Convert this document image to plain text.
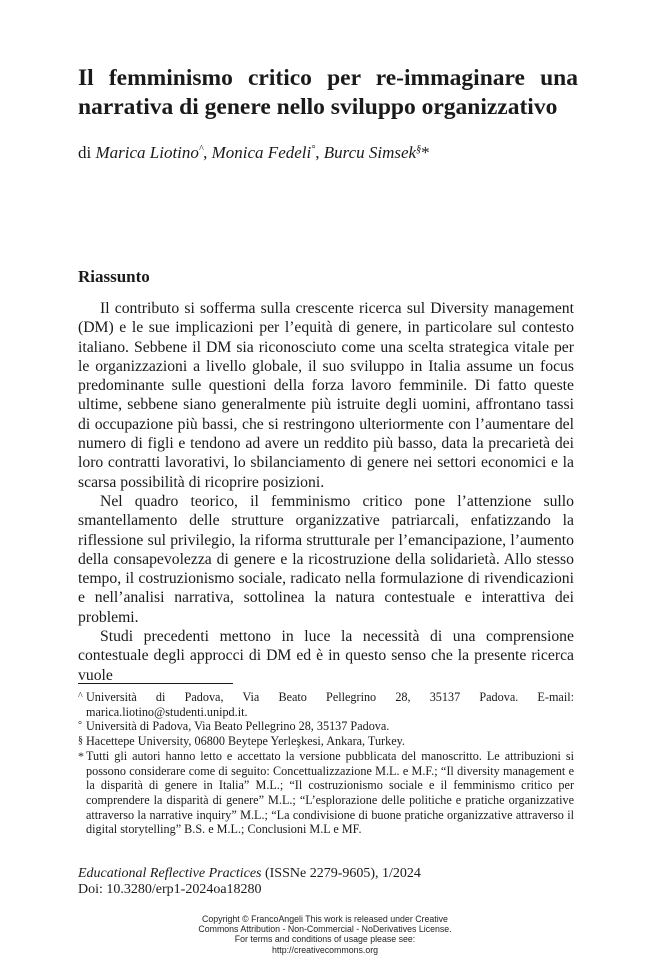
Il femminismo critico per re-immaginare una narrativa di genere nello sviluppo organizzativo
di Marica Liotino^, Monica Fedeli°, Burcu Simsek§*
Riassunto

Il contributo si sofferma sulla crescente ricerca sul Diversity management (DM) e le sue implicazioni per l’equità di genere, in particolare sul contesto italiano. Sebbene il DM sia riconosciuto come una scelta strategica vitale per le organizzazioni a livello globale, il suo sviluppo in Italia assume un focus predominante sulle questioni della forza lavoro femminile. Di fatto queste ultime, sebbene siano generalmente più istruite degli uomini, affrontano tassi di occupazione più bassi, che si restringono ulteriormente con l’aumentare del numero di figli e tendono ad avere un reddito più basso, data la precarietà dei loro contratti lavorativi, lo sbilanciamento di genere nei settori economici e la scarsa possibilità di ricoprire posizioni.

Nel quadro teorico, il femminismo critico pone l’attenzione sullo smantellamento delle strutture organizzative patriarcali, enfatizzando la riflessione sul privilegio, la riforma strutturale per l’emancipazione, l’aumento della consapevolezza di genere e la ricostruzione della solidarietà. Allo stesso tempo, il costruzionismo sociale, radicato nella formulazione di rivendicazioni e nell’analisi narrativa, sottolinea la natura contestuale e interattiva dei problemi.

Studi precedenti mettono in luce la necessità di una comprensione contestuale degli approcci di DM ed è in questo senso che la presente ricerca vuole

^ Università di Padova, Via Beato Pellegrino 28, 35137 Padova. E-mail: marica.liotino@studenti.unipd.it.
° Università di Padova, Via Beato Pellegrino 28, 35137 Padova.
§ Hacettepe University, 06800 Beytepe Yerleşkesi, Ankara, Turkey.
* Tutti gli autori hanno letto e accettato la versione pubblicata del manoscritto. Le attribuzioni si possono considerare come di seguito: Concettualizzazione M.L. e M.F.; “Il diversity management e la disparità di genere in Italia” M.L.; “Il costruzionismo sociale e il femminismo critico per comprendere la disparità di genere” M.L.; “L’esplorazione delle politiche e pratiche organizzative attraverso la narrative inquiry” M.L.; “La condivisione di buone pratiche organizzative attraverso il digital storytelling” B.S. e M.L.; Conclusioni M.L e MF.
Educational Reflective Practices (ISSNe 2279-9605), 1/2024
Doi: 10.3280/erp1-2024oa18280
Copyright © FrancoAngeli This work is released under Creative
Commons Attribution - Non-Commercial - NoDerivatives License.
For terms and conditions of usage please see:
http://creativecommons.org
